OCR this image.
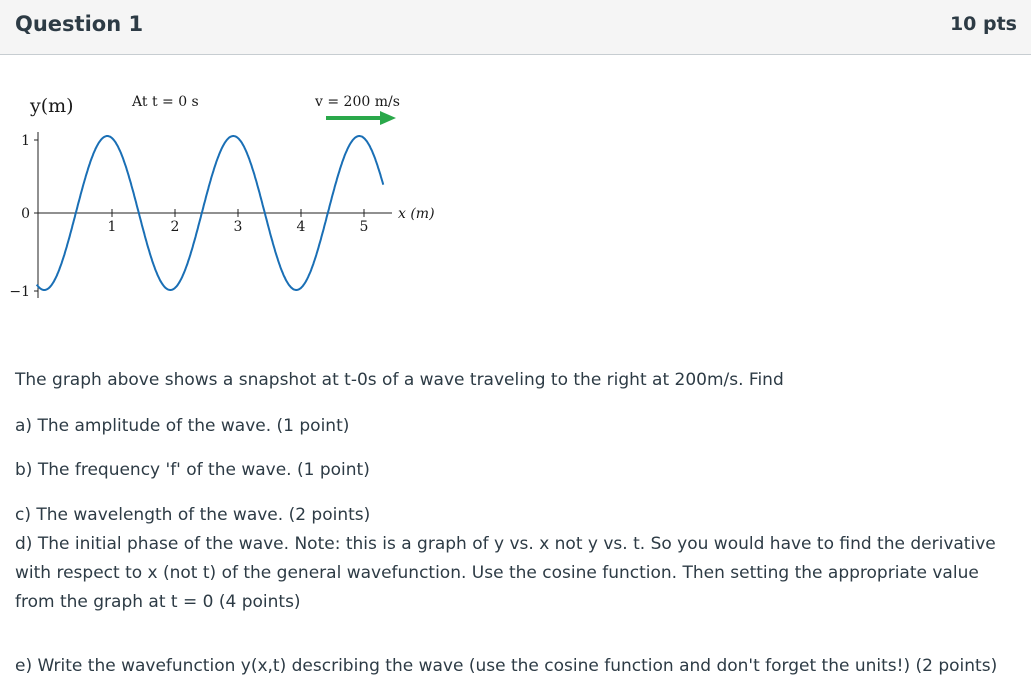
Question 1	10 pts
y(m)	At t = 0 s	v = 200 m/s
x (m)
1
0
−1
1	2	3	4	5

The graph above shows a snapshot at t-0s of a wave traveling to the right at 200m/s. Find

a) The amplitude of the wave. (1 point)

b) The frequency 'f' of the wave. (1 point)

c) The wavelength of the wave. (2 points)

d) The initial phase of the wave. Note: this is a graph of y vs. x not y vs. t. So you would have to find the derivative
with respect to x (not t) of the general wavefunction. Use the cosine function. Then setting the appropriate value
from the graph at t = 0 (4 points)

e) Write the wavefunction y(x,t) describing the wave (use the cosine function and don't forget the units!) (2 points)
